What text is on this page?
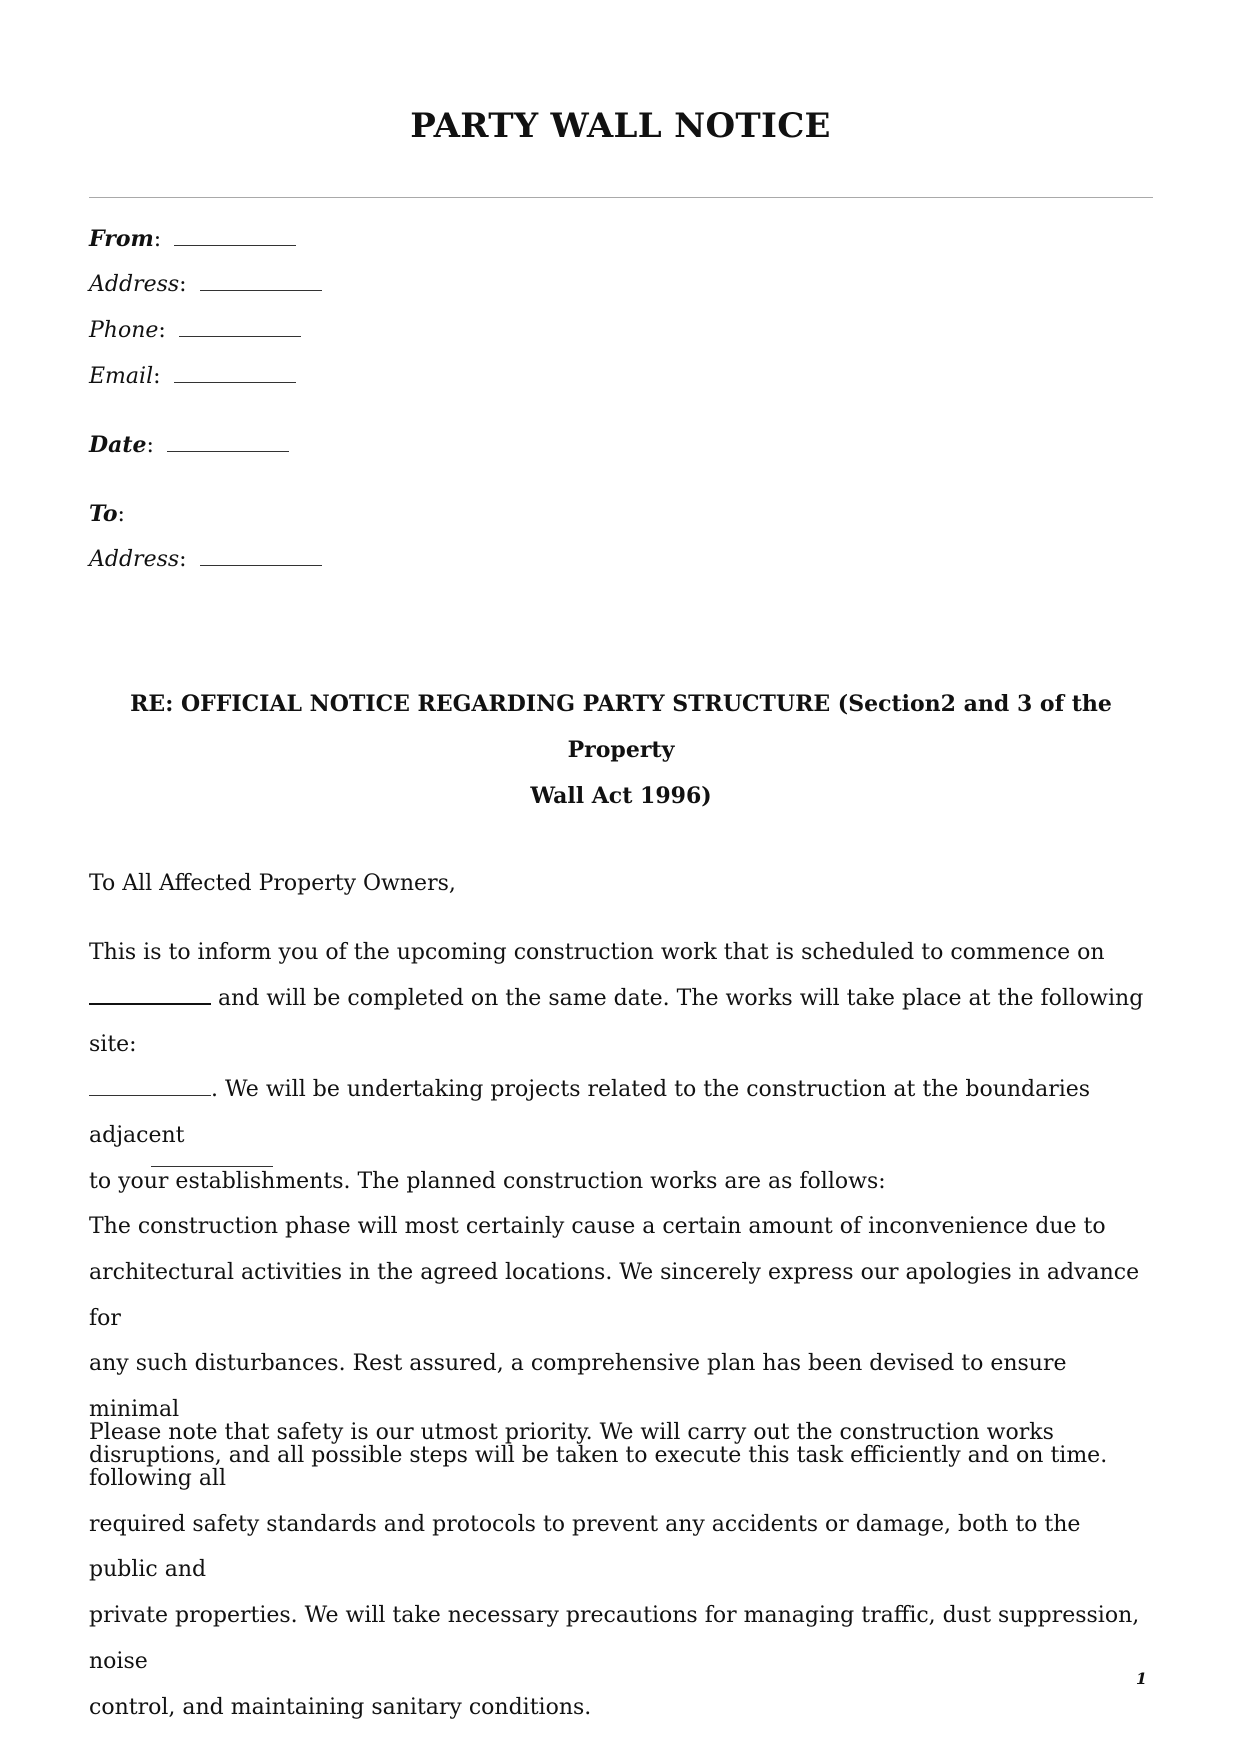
PARTY WALL NOTICE
From:
Address:
Phone:
Email:
Date:
To:
Address:
RE: OFFICIAL NOTICE REGARDING PARTY STRUCTURE (Section2 and 3 of the Property
Wall Act 1996)
To All Affected Property Owners,
This is to inform you of the upcoming construction work that is scheduled to commence on
and will be completed on the same date. The works will take place at the following site:
. We will be undertaking projects related to the construction at the boundaries adjacent
to your establishments. The planned construction works are as follows:
The construction phase will most certainly cause a certain amount of inconvenience due to
architectural activities in the agreed locations. We sincerely express our apologies in advance for
any such disturbances. Rest assured, a comprehensive plan has been devised to ensure minimal
disruptions, and all possible steps will be taken to execute this task efficiently and on time.
Please note that safety is our utmost priority. We will carry out the construction works following all
required safety standards and protocols to prevent any accidents or damage, both to the public and
private properties. We will take necessary precautions for managing traffic, dust suppression, noise
control, and maintaining sanitary conditions.
1
